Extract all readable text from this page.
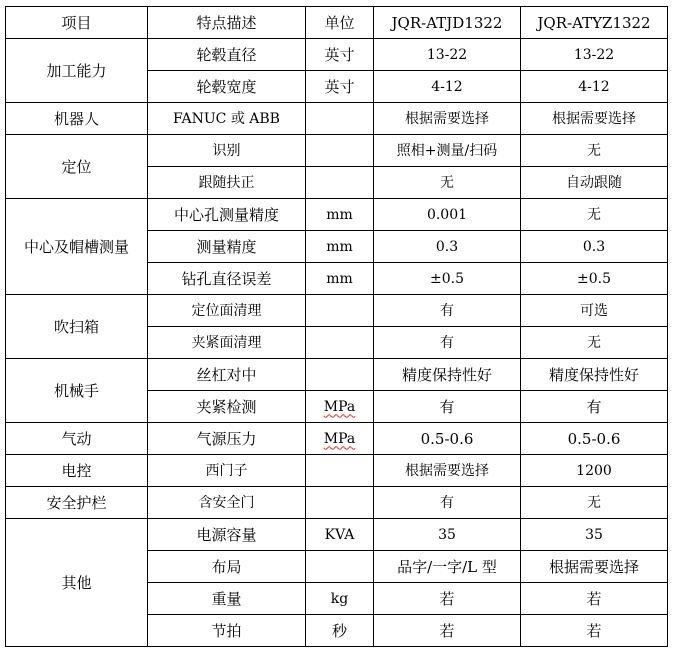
项目	特点描述	单位	JQR-ATJD1322	JQR-ATYZ1322
加工能力	轮毂直径	英寸	13-22	13-22
	轮毂宽度	英寸	4-12	4-12
机器人	FANUC 或 ABB		根据需要选择	根据需要选择
定位	识别		照相+测量/扫码	无
	跟随扶正		无	自动跟随
中心及帽槽测量	中心孔测量精度	mm	0.001	无
	测量精度	mm	0.3	0.3
	钻孔直径误差	mm	±0.5	±0.5
吹扫箱	定位面清理		有	可选
	夹紧面清理		有	无
机械手	丝杠对中		精度保持性好	精度保持性好
	夹紧检测	MPa	有	有
气动	气源压力	MPa	0.5-0.6	0.5-0.6
电控	西门子		根据需要选择	1200
安全护栏	含安全门		有	无
其他	电源容量	KVA	35	35
	布局		品字/一字/L 型	根据需要选择
	重量	kg	若	若
	节拍	秒	若	若
